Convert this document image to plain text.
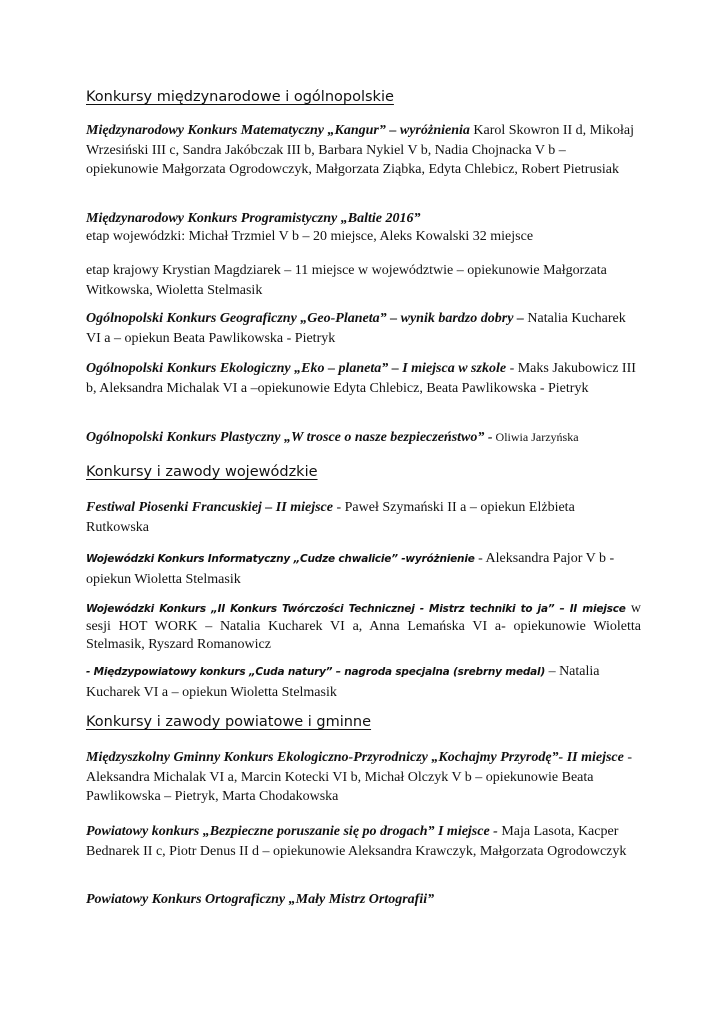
Konkursy międzynarodowe i ogólnopolskie

Międzynarodowy Konkurs Matematyczny „Kangur” – wyróżnienia Karol Skowron II d, Mikołaj Wrzesiński III c, Sandra Jakóbczak III b, Barbara Nykiel V b, Nadia Chojnacka V b – opiekunowie Małgorzata Ogrodowczyk, Małgorzata Ziąbka, Edyta Chlebicz, Robert Pietrusiak

Międzynarodowy Konkurs Programistyczny „Baltie 2016”
etap wojewódzki: Michał Trzmiel V b – 20 miejsce, Aleks Kowalski 32 miejsce

etap krajowy Krystian Magdziarek – 11 miejsce w województwie – opiekunowie Małgorzata Witkowska, Wioletta Stelmasik

Ogólnopolski Konkurs Geograficzny „Geo-Planeta” – wynik bardzo dobry – Natalia Kucharek VI a – opiekun Beata Pawlikowska - Pietryk

Ogólnopolski Konkurs Ekologiczny „Eko – planeta” – I miejsca w szkole - Maks Jakubowicz III b, Aleksandra Michalak VI a –opiekunowie Edyta Chlebicz, Beata Pawlikowska - Pietryk

Ogólnopolski Konkurs Plastyczny „W trosce o nasze bezpieczeństwo” - Oliwia Jarzyńska

Konkursy i zawody wojewódzkie

Festiwal Piosenki Francuskiej – II miejsce - Paweł Szymański II a – opiekun Elżbieta Rutkowska

Wojewódzki Konkurs Informatyczny „Cudze chwalicie” -wyróżnienie - Aleksandra Pajor V b - opiekun Wioletta Stelmasik

Wojewódzki Konkurs „II Konkurs Twórczości Technicznej - Mistrz techniki to ja” – II miejsce w sesji HOT WORK – Natalia Kucharek VI a, Anna Lemańska VI a- opiekunowie Wioletta Stelmasik, Ryszard Romanowicz

- Międzypowiatowy konkurs „Cuda natury” – nagroda specjalna (srebrny medal) – Natalia Kucharek VI a – opiekun Wioletta Stelmasik

Konkursy i zawody powiatowe i gminne

Międzyszkolny Gminny Konkurs Ekologiczno-Przyrodniczy „Kochajmy Przyrodę”- II miejsce - Aleksandra Michalak VI a, Marcin Kotecki VI b, Michał Olczyk V b – opiekunowie Beata Pawlikowska – Pietryk, Marta Chodakowska

Powiatowy konkurs „Bezpieczne poruszanie się po drogach” I miejsce - Maja Lasota, Kacper Bednarek II c, Piotr Denus II d – opiekunowie Aleksandra Krawczyk, Małgorzata Ogrodowczyk

Powiatowy Konkurs Ortograficzny „Mały Mistrz Ortografii”
